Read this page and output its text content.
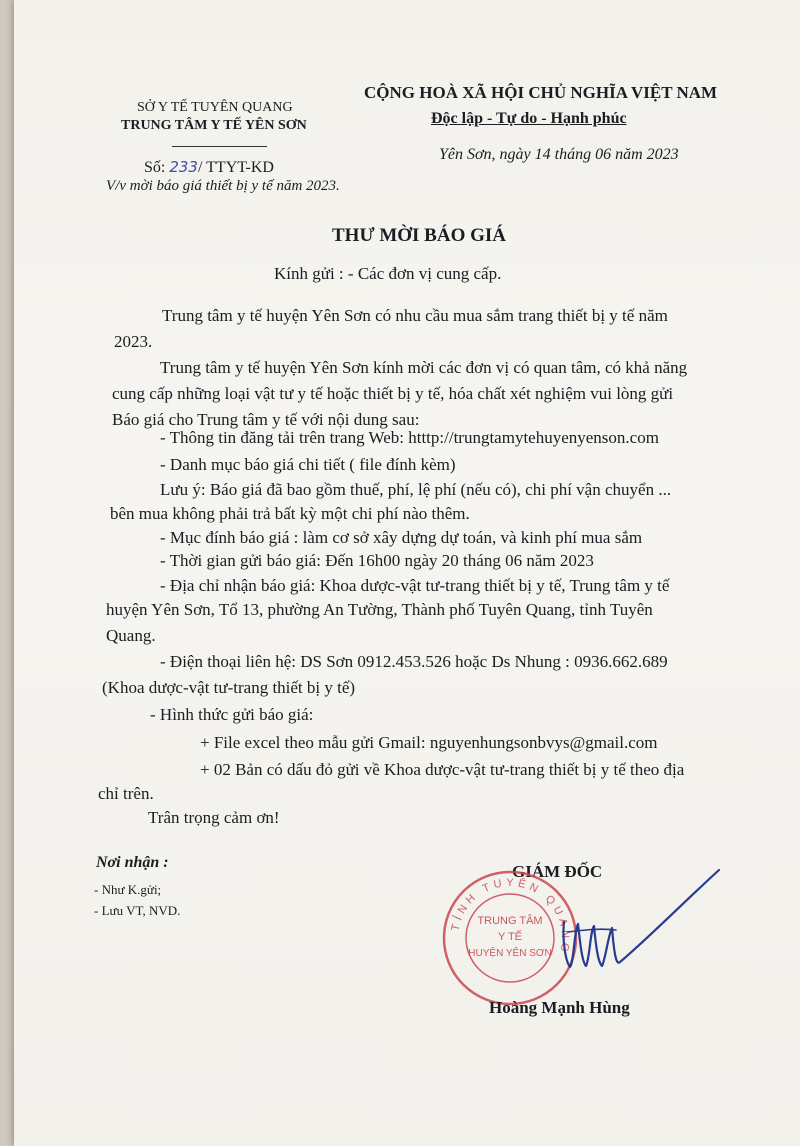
SỞ Y TẾ TUYÊN QUANG
TRUNG TÂM Y TẾ YÊN SƠN
CỘNG HOÀ XÃ HỘI CHỦ NGHĨA VIỆT NAM
Độc lập - Tự do - Hạnh phúc
Số: 233/ TTYT-KD
Yên Sơn, ngày 14 tháng 06 năm 2023
V/v mời báo giá thiết bị y tế năm 2023.
THƯ MỜI BÁO GIÁ
Kính gửi : - Các đơn vị cung cấp.
Trung tâm y tế huyện Yên Sơn có nhu cầu mua sắm trang thiết bị y tế năm
2023.
Trung tâm y tế huyện Yên Sơn kính mời các đơn vị có quan tâm, có khả năng
cung cấp những loại vật tư y tế hoặc thiết bị y tế, hóa chất xét nghiệm vui lòng gửi
Báo giá cho Trung tâm y tế với nội dung sau:
- Thông tin đăng tải trên trang Web: htttp://trungtamytehuyenyenson.com
- Danh mục báo giá chi tiết ( file đính kèm)
Lưu ý: Báo giá đã bao gồm thuế, phí, lệ phí (nếu có), chi phí vận chuyển ...
bên mua không phải trả bất kỳ một chi phí nào thêm.
- Mục đính báo giá : làm cơ sở xây dựng dự toán, và kinh phí mua sắm
- Thời gian gửi báo giá: Đến 16h00 ngày 20 tháng 06 năm 2023
- Địa chỉ nhận báo giá: Khoa dược-vật tư-trang thiết bị y tế, Trung tâm y tế
huyện Yên Sơn, Tổ 13, phường An Tường, Thành phố Tuyên Quang, tỉnh Tuyên
Quang.
- Điện thoại liên hệ: DS Sơn 0912.453.526 hoặc Ds Nhung : 0936.662.689
(Khoa dược-vật tư-trang thiết bị y tế)
- Hình thức gửi báo giá:
+ File excel theo mẫu gửi Gmail: nguyenhungsonbvys@gmail.com
+ 02 Bản có dấu đỏ gửi về Khoa dược-vật tư-trang thiết bị y tế theo địa
chỉ trên.
Trân trọng cảm ơn!
Nơi nhận :
- Như K.gửi;
- Lưu VT, NVD.
GIÁM ĐỐC
TỈNH TUYÊN QUANG
TRUNG TÂM
Y TẾ
HUYỆN YÊN SƠN
Hoàng Mạnh Hùng
